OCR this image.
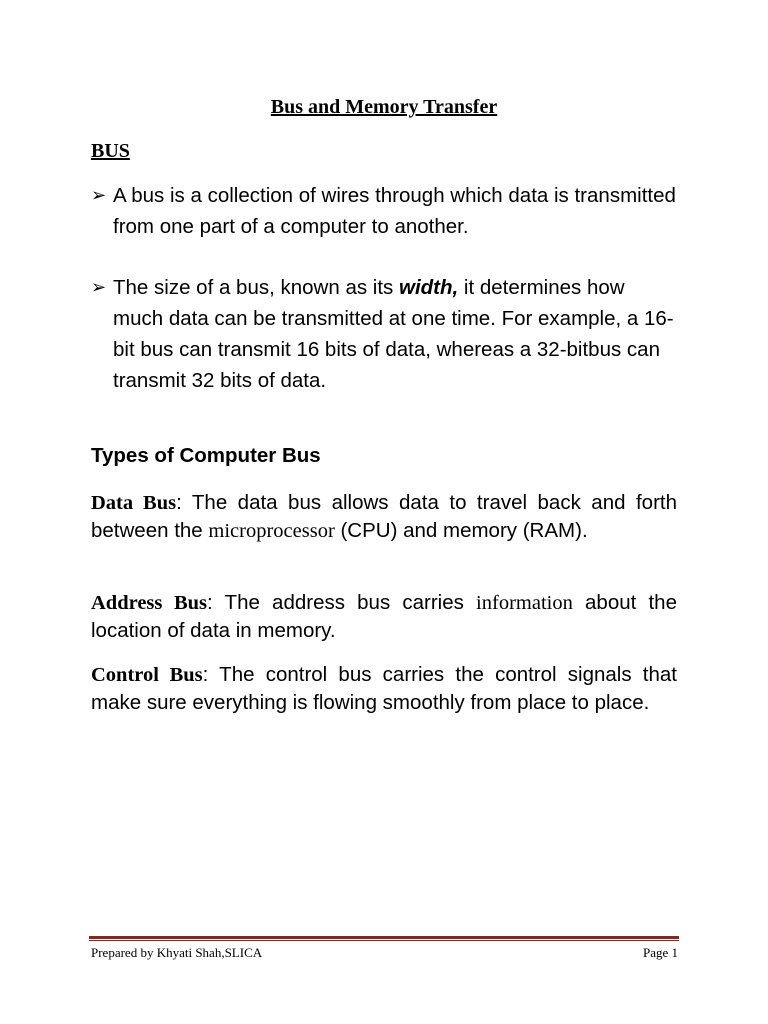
Bus and Memory Transfer
BUS
➢ A bus is a collection of wires through which data is transmitted from one part of a computer to another.
➢ The size of a bus, known as its width, it determines how much data can be transmitted at one time. For example, a 16-bit bus can transmit 16 bits of data, whereas a 32-bitbus can transmit 32 bits of data.
Types of Computer Bus
Data Bus: The data bus allows data to travel back and forth between the microprocessor (CPU) and memory (RAM).
Address Bus: The address bus carries information about the location of data in memory.
Control Bus: The control bus carries the control signals that make sure everything is flowing smoothly from place to place.
Prepared by Khyati Shah,SLICA	Page 1
